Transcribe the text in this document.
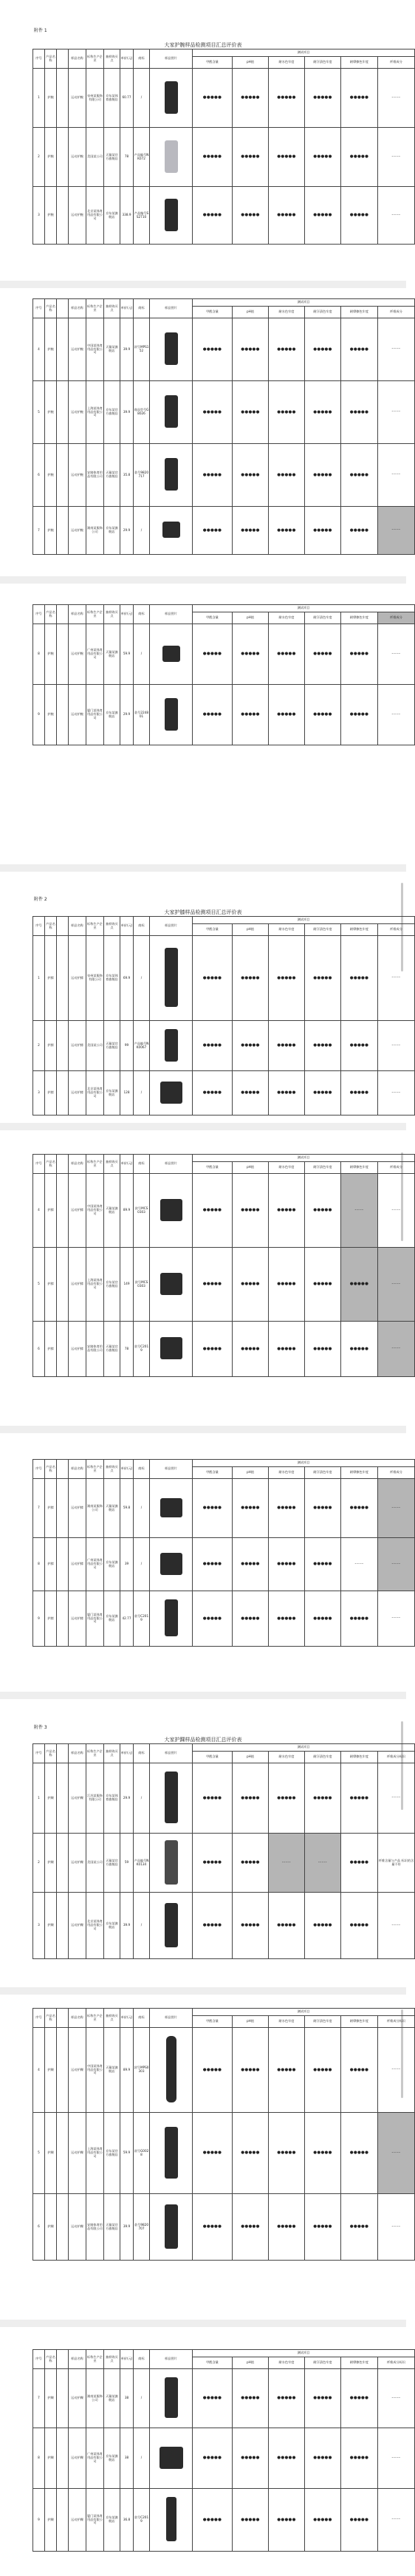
附件 1
大家护腕样品检测项目汇总评价表
序号	产品名称		样品名称	标称生产企业	抽样购买点	单价(元)	商标	样品图片	测试项目					
									甲醛含量	pH值	耐水色牢度	耐汗渍色牢度	耐摩擦色牢度	纤维成分
1	护腕		运动护腕	泉州某服饰有限公司	京东某体育旗舰店	60.77	/		●●●●●	●●●●●	●●●●●	●●●●●	●●●●●	-----
2	护腕		运动护腕	美国某公司	天猫某官方旗舰店	78	产品编号NK072		●●●●●	●●●●●	●●●●●	●●●●●	●●●●●	-----
3	护腕		运动护腕	北京某体育用品有限公司	京东某旗舰店	338.9	产品编号SS2710		●●●●●	●●●●●	●●●●●	●●●●●	●●●●●	-----
序号	产品名称		样品名称	标称生产企业	抽样购买点	单价(元)	商标	样品图片	测试项目					
									甲醛含量	pH值	耐水色牢度	耐汗渍色牢度	耐摩擦色牢度	纤维成分
4	护腕		运动护腕	中国某体育用品有限公司	天猫某旗舰店	39.9	款号MPS152		●●●●●	●●●●●	●●●●●	●●●●●	●●●●●	-----
5	护腕		运动护腕	上海某体育用品有限公司	京东某官方旗舰店	39.9	商品型号G8026		●●●●●	●●●●●	●●●●●	●●●●●	●●●●●	-----
6	护腕		运动护腕	安踏体育用品有限公司	天猫某官方旗舰店	35.8	款号9820717		●●●●●	●●●●●	●●●●●	●●●●●	●●●●●	-----
7	护腕		运动护腕	湖南某服饰公司	京东某旗舰店	29.9	/		●●●●●	●●●●●	●●●●●	●●●●●	●●●●●	-----
序号	产品名称		样品名称	标称生产企业	抽样购买点	单价(元)	商标	样品图片	测试项目					
									甲醛含量	pH值	耐水色牢度	耐汗渍色牢度	耐摩擦色牢度	纤维成分
8	护腕		运动护腕	广州某体育用品有限公司	天猫某旗舰店	59.9	/		●●●●●	●●●●●	●●●●●	●●●●●	●●●●●	-----
9	护腕		运动护腕	厦门某体育用品有限公司	京东某旗舰店	29.9	款号224801		●●●●●	●●●●●	●●●●●	●●●●●	●●●●●	-----
附件 2
大家护膝样品检测项目汇总评价表
序号	产品名称		样品名称	标称生产企业	抽样购买点	单价(元)	商标	样品图片	测试项目					
									甲醛含量	pH值	耐水色牢度	耐汗渍色牢度	耐摩擦色牢度	纤维成分
1	护膝		运动护膝	泉州某服饰有限公司	京东某体育旗舰店	69.9	/		●●●●●	●●●●●	●●●●●	●●●●●	●●●●●	-----
2	护膝		运动护膝	美国某公司	天猫某官方旗舰店	99	产品编号NK0067		●●●●●	●●●●●	●●●●●	●●●●●	●●●●●	-----
3	护膝		运动护膝	北京某体育用品有限公司	京东某旗舰店	128	/		●●●●●	●●●●●	●●●●●	●●●●●	●●●●●	-----
序号	产品名称		样品名称	标称生产企业	抽样购买点	单价(元)	商标	样品图片	测试项目					
									甲醛含量	pH值	耐水色牢度	耐汗渍色牢度	耐摩擦色牢度	纤维成分
4	护膝		运动护膝	中国某体育用品有限公司	天猫某旗舰店	89.9	款号MCS0303		●●●●●	●●●●●	●●●●●	●●●●●	-----	-----
5	护膝		运动护膝	上海某体育用品有限公司	京东某官方旗舰店	149	款号MCS0303		●●●●●	●●●●●	●●●●●	●●●●●	●●●●●	-----
6	护膝		运动护膝	安踏体育用品有限公司	天猫某官方旗舰店	78	款号C2019		●●●●●	●●●●●	●●●●●	●●●●●	●●●●●	-----
序号	产品名称		样品名称	标称生产企业	抽样购买点	单价(元)	商标	样品图片	测试项目					
									甲醛含量	pH值	耐水色牢度	耐汗渍色牢度	耐摩擦色牢度	纤维成分
7	护膝		运动护膝	湖南某服饰公司	天猫某旗舰店	59.8	/		●●●●●	●●●●●	●●●●●	●●●●●	●●●●●	-----
8	护膝		运动护膝	广州某体育用品有限公司	京东某旗舰店	39	/		●●●●●	●●●●●	●●●●●	●●●●●	-----	-----
9	护膝		运动护膝	厦门某体育用品有限公司	京东某旗舰店	42.77	款号C2019		●●●●●	●●●●●	●●●●●	●●●●●	●●●●●	-----
附件 3
大家护踝样品检测项目汇总评价表
序号	产品名称		样品名称	标称生产企业	抽样购买点	单价(元)	商标	样品图片	测试项目					
									甲醛含量	pH值	耐水色牢度	耐汗渍色牢度	耐摩擦色牢度	纤维成分标识
1	护踝		运动护踝	江苏某服饰有限公司	京东某体育旗舰店	29.9	/		●●●●●	●●●●●	●●●●●	●●●●●	●●●●●	-----
2	护踝		运动护踝	美国某公司	天猫某官方旗舰店	59	产品编号NK0134		●●●●●	●●●●●	-----	-----	●●●●●	纤维含量与产品 标识的含量不符
3	护踝		运动护踝	北京某体育用品有限公司	京东某旗舰店	39.9	/		●●●●●	●●●●●	●●●●●	●●●●●	●●●●●	-----
序号	产品名称		样品名称	标称生产企业	抽样购买点	单价(元)	商标	样品图片	测试项目					
									甲醛含量	pH值	耐水色牢度	耐汗渍色牢度	耐摩擦色牢度	纤维成分标识
4	护踝		运动护踝	中国某体育用品有限公司	天猫某旗舰店	89.9	款号MPS0303		●●●●●	●●●●●	●●●●●	●●●●●	●●●●●	-----
5	护踝		运动护踝	上海某体育用品有限公司	京东某官方旗舰店	59.9	款号G0028		●●●●●	●●●●●	●●●●●	●●●●●	●●●●●	-----
6	护踝		运动护踝	安踏体育用品有限公司	天猫某官方旗舰店	39.9	款号9820707		●●●●●	●●●●●	●●●●●	●●●●●	●●●●●	-----
序号	产品名称		样品名称	标称生产企业	抽样购买点	单价(元)	商标	样品图片	测试项目					
									甲醛含量	pH值	耐水色牢度	耐汗渍色牢度	耐摩擦色牢度	纤维成分标识
7	护踝		运动护踝	湖南某服饰公司	天猫某旗舰店	38	/		●●●●●	●●●●●	●●●●●	●●●●●	●●●●●	-----
8	护踝		运动护踝	广州某体育用品有限公司	京东某旗舰店	38	/		●●●●●	●●●●●	●●●●●	●●●●●	●●●●●	-----
9	护踝		运动护踝	厦门某体育用品有限公司	京东某旗舰店	36.8	款号C2019		●●●●●	●●●●●	●●●●●	●●●●●	●●●●●	-----
